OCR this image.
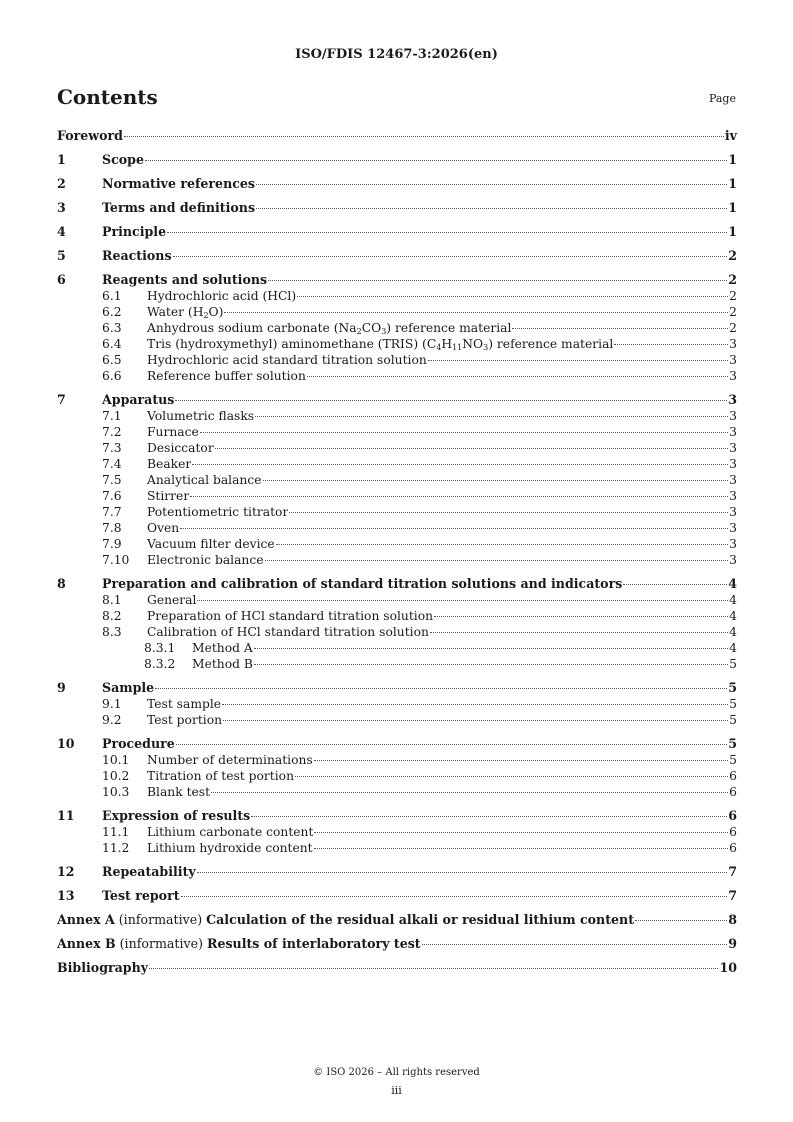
ISO/FDIS 12467-3:2026(en)
Contents	Page
Foreword	iv
1	Scope	1
2	Normative references	1
3	Terms and definitions	1
4	Principle	1
5	Reactions	2
6	Reagents and solutions	2
6.1	Hydrochloric acid (HCl)	2
6.2	Water $(H_2O)$	2
6.3	Anhydrous sodium carbonate $(Na_2CO_3)$ reference material	2
6.4	Tris (hydroxymethyl) aminomethane (TRIS) $(C_4H_{11}NO_3)$ reference material	3
6.5	Hydrochloric acid standard titration solution	3
6.6	Reference buffer solution	3
7	Apparatus	3
7.1	Volumetric flasks	3
7.2	Furnace	3
7.3	Desiccator	3
7.4	Beaker	3
7.5	Analytical balance	3
7.6	Stirrer	3
7.7	Potentiometric titrator	3
7.8	Oven	3
7.9	Vacuum filter device	3
7.10	Electronic balance	3
8	Preparation and calibration of standard titration solutions and indicators	4
8.1	General	4
8.2	Preparation of HCl standard titration solution	4
8.3	Calibration of HCl standard titration solution	4
8.3.1	Method A	4
8.3.2	Method B	5
9	Sample	5
9.1	Test sample	5
9.2	Test portion	5
10	Procedure	5
10.1	Number of determinations	5
10.2	Titration of test portion	6
10.3	Blank test	6
11	Expression of results	6
11.1	Lithium carbonate content	6
11.2	Lithium hydroxide content	6
12	Repeatability	7
13	Test report	7
Annex A (informative) Calculation of the residual alkali or residual lithium content	8
Annex B (informative) Results of interlaboratory test	9
Bibliography	10
© ISO 2026 – All rights reserved
iii
